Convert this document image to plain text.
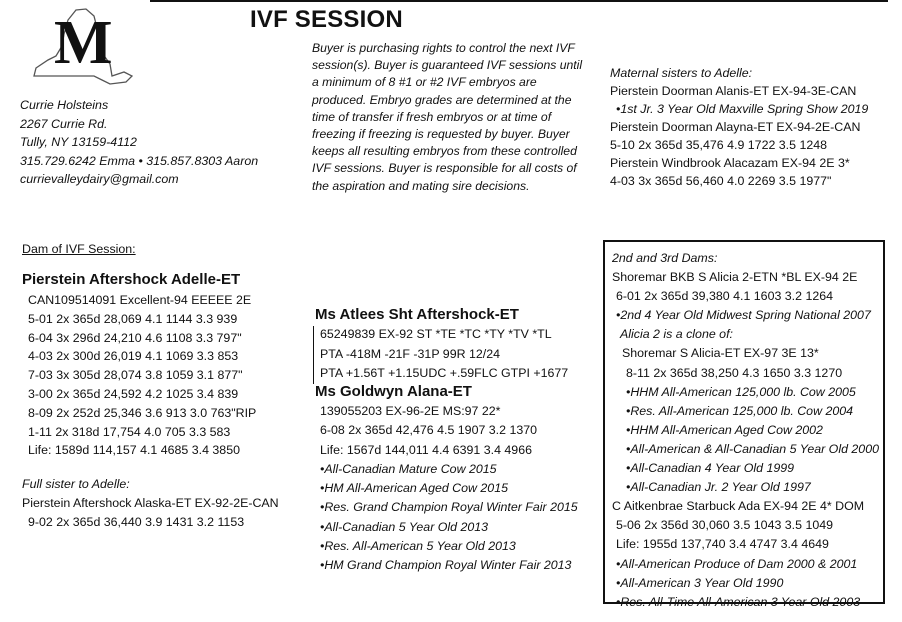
M	IVF SESSION
Currie Holsteins
2267 Currie Rd.
Tully, NY 13159-4112
315.729.6242 Emma • 315.857.8303 Aaron
currievalleydairy@gmail.com
Buyer is purchasing rights to control the next IVF session(s). Buyer is guaranteed IVF sessions until a minimum of 8 #1 or #2 IVF embryos are produced. Embryo grades are determined at the time of transfer if fresh embryos or at time of freezing if freezing is requested by buyer. Buyer keeps all resulting embryos from these controlled IVF sessions. Buyer is responsible for all costs of the aspiration and mating sire decisions.
Maternal sisters to Adelle:
Pierstein Doorman Alanis-ET EX-94-3E-CAN
•1st Jr. 3 Year Old Maxville Spring Show 2019
Pierstein Doorman Alayna-ET EX-94-2E-CAN
5-10 2x 365d 35,476 4.9 1722 3.5 1248
Pierstein Windbrook Alacazam EX-94 2E 3*
4-03 3x 365d 56,460 4.0 2269 3.5 1977"
Dam of IVF Session:
Pierstein Aftershock Adelle-ET
CAN109514091 Excellent-94 EEEEE 2E
5-01 2x 365d 28,069 4.1 1144 3.3 939
6-04 3x 296d 24,210 4.6 1108 3.3 797"
4-03 2x 300d 26,019 4.1 1069 3.3 853
7-03 3x 305d 28,074 3.8 1059 3.1 877"
3-00 2x 365d 24,592 4.2 1025 3.4 839
8-09 2x 252d 25,346 3.6 913 3.0 763"RIP
1-11 2x 318d 17,754 4.0 705 3.3 583
Life: 1589d 114,157 4.1 4685 3.4 3850
Full sister to Adelle:
Pierstein Aftershock Alaska-ET EX-92-2E-CAN
9-02 2x 365d 36,440 3.9 1431 3.2 1153
Ms Atlees Sht Aftershock-ET
65249839 EX-92 ST *TE *TC *TY *TV *TL
PTA -418M -21F -31P 99R 12/24
PTA +1.56T +1.15UDC +.59FLC GTPI +1677
Ms Goldwyn Alana-ET
139055203 EX-96-2E MS:97 22*
6-08 2x 365d 42,476 4.5 1907 3.2 1370
Life: 1567d 144,011 4.4 6391 3.4 4966
•All-Canadian Mature Cow 2015
•HM All-American Aged Cow 2015
•Res. Grand Champion Royal Winter Fair 2015
•All-Canadian 5 Year Old 2013
•Res. All-American 5 Year Old 2013
•HM Grand Champion Royal Winter Fair 2013
2nd and 3rd Dams:
Shoremar BKB S Alicia 2-ETN *BL EX-94 2E
6-01 2x 365d 39,380 4.1 1603 3.2 1264
•2nd 4 Year Old Midwest Spring National 2007
Alicia 2 is a clone of:
Shoremar S Alicia-ET EX-97 3E 13*
8-11 2x 365d 38,250 4.3 1650 3.3 1270
•HHM All-American 125,000 lb. Cow 2005
•Res. All-American 125,000 lb. Cow 2004
•HHM All-American Aged Cow 2002
•All-American & All-Canadian 5 Year Old 2000
•All-Canadian 4 Year Old 1999
•All-Canadian Jr. 2 Year Old 1997
C Aitkenbrae Starbuck Ada EX-94 2E 4* DOM
5-06 2x 356d 30,060 3.5 1043 3.5 1049
Life: 1955d 137,740 3.4 4747 3.4 4649
•All-American Produce of Dam 2000 & 2001
•All-American 3 Year Old 1990
•Res. All-Time All-American 3 Year Old 2003
